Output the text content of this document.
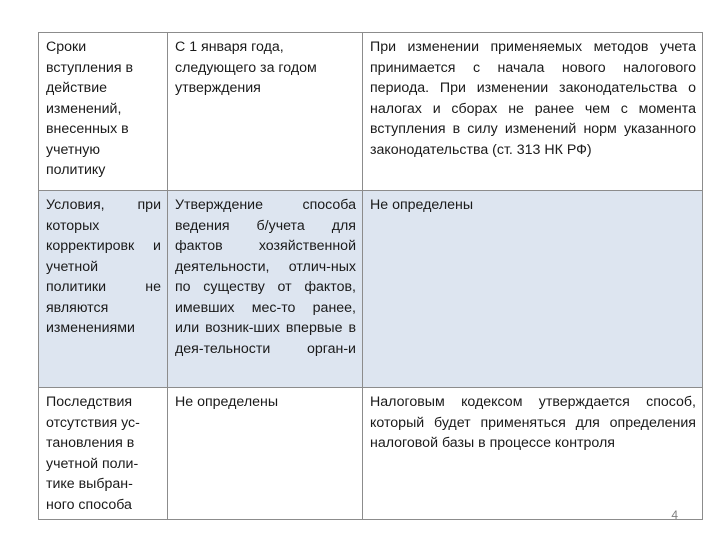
Сроки вступления в действие изменений, внесенных в учетную политику	С 1 января года, следующего за годом утверждения	При изменении применяемых методов учета принимается с начала нового налогового периода. При изменении законодательства о налогах и сборах не ранее чем с момента вступления в силу изменений норм указанного законодательства (ст. 313 НК РФ)

Условия, при которых корректировк и учетной политики не являются изменениями	Утверждение способа ведения б/учета для фактов хозяйственной деятельности, отлич-ных по существу от фактов, имевших мес-то ранее, или возник-ших впервые в дея-тельности орган-и	Не определены

Последствия отсутствия ус-тановления в учетной поли-тике выбран-ного способа	Не определены	Налоговым кодексом утверждается способ, который будет применяться для определения налоговой базы в процессе контроля
4
